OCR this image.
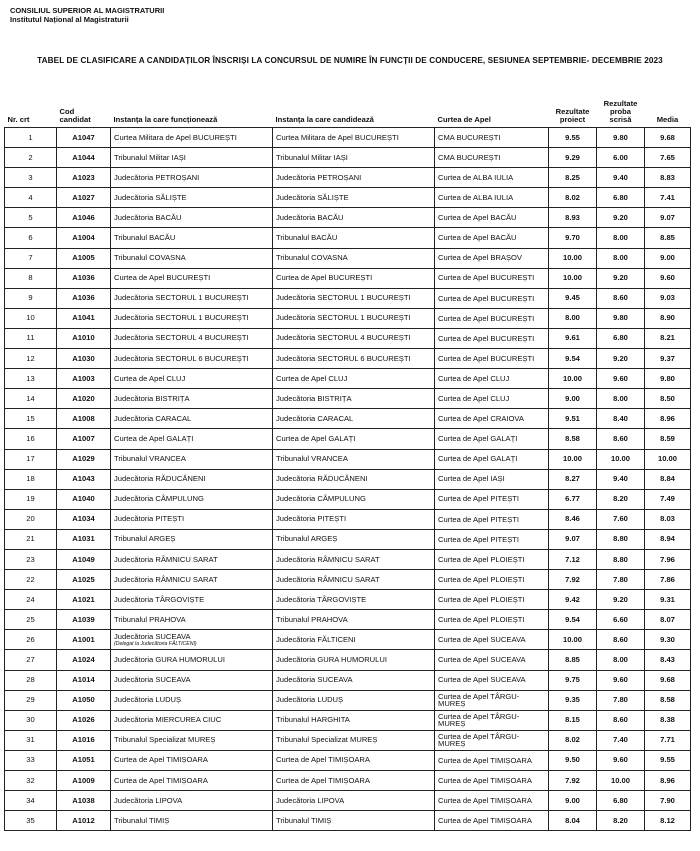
CONSILIUL SUPERIOR AL MAGISTRATURII
Institutul Național al Magistraturii
TABEL DE CLASIFICARE A CANDIDAȚILOR ÎNSCRIȘI LA CONCURSUL DE NUMIRE ÎN FUNCȚII DE CONDUCERE, SESIUNEA SEPTEMBRIE- DECEMBRIE 2023
Nr. crt	Cod candidat	Instanța la care funcționează	Instanța la care candidează	Curtea de Apel	Rezultate proiect	Rezultate proba scrisă	Media
1	A1047	Curtea Militara de Apel BUCUREȘTI	Curtea Militara de Apel BUCUREȘTI	CMA BUCUREȘTI	9.55	9.80	9.68
2	A1044	Tribunalul Militar IAȘI	Tribunalul Militar IAȘI	CMA BUCUREȘTI	9.29	6.00	7.65
3	A1023	Judecătoria PETROȘANI	Judecătoria PETROȘANI	Curtea de ALBA IULIA	8.25	9.40	8.83
4	A1027	Judecătoria SĂLIȘTE	Judecătoria SĂLIȘTE	Curtea de ALBA IULIA	8.02	6.80	7.41
5	A1046	Judecătoria BACĂU	Judecătoria BACĂU	Curtea de Apel BACĂU	8.93	9.20	9.07
6	A1004	Tribunalul BACĂU	Tribunalul BACĂU	Curtea de Apel BACĂU	9.70	8.00	8.85
7	A1005	Tribunalul COVASNA	Tribunalul COVASNA	Curtea de Apel BRAȘOV	10.00	8.00	9.00
8	A1036	Curtea de Apel BUCUREȘTI	Curtea de Apel BUCUREȘTI	Curtea de Apel BUCUREȘTI	10.00	9.20	9.60
9	A1036	Judecătoria SECTORUL 1 BUCUREȘTI	Judecătoria SECTORUL 1 BUCUREȘTI	Curtea de Apel BUCUREȘTI	9.45	8.60	9.03
10	A1041	Judecătoria SECTORUL 1 BUCUREȘTI	Judecătoria SECTORUL 1 BUCUREȘTI	Curtea de Apel BUCUREȘTI	8.00	9.80	8.90
11	A1010	Judecătoria SECTORUL 4 BUCUREȘTI	Judecătoria SECTORUL 4 BUCUREȘTI	Curtea de Apel BUCUREȘTI	9.61	6.80	8.21
12	A1030	Judecătoria SECTORUL 6 BUCUREȘTI	Judecătoria SECTORUL 6 BUCUREȘTI	Curtea de Apel BUCUREȘTI	9.54	9.20	9.37
13	A1003	Curtea de Apel CLUJ	Curtea de Apel CLUJ	Curtea de Apel CLUJ	10.00	9.60	9.80
14	A1020	Judecătoria BISTRIȚA	Judecătoria BISTRIȚA	Curtea de Apel CLUJ	9.00	8.00	8.50
15	A1008	Judecătoria CARACAL	Judecătoria CARACAL	Curtea de Apel CRAIOVA	9.51	8.40	8.96
16	A1007	Curtea de Apel GALAȚI	Curtea de Apel GALAȚI	Curtea de Apel GALAȚI	8.58	8.60	8.59
17	A1029	Tribunalul VRANCEA	Tribunalul VRANCEA	Curtea de Apel GALAȚI	10.00	10.00	10.00
18	A1043	Judecătoria RĂDUCĂNENI	Judecătoria RĂDUCĂNENI	Curtea de Apel IAȘI	8.27	9.40	8.84
19	A1040	Judecătoria CÂMPULUNG	Judecătoria CÂMPULUNG	Curtea de Apel PITEȘTI	6.77	8.20	7.49
20	A1034	Judecătoria PITEȘTI	Judecătoria PITEȘTI	Curtea de Apel PITEȘTI	8.46	7.60	8.03
21	A1031	Tribunalul ARGEȘ	Tribunalul ARGEȘ	Curtea de Apel PITEȘTI	9.07	8.80	8.94
23	A1049	Judecătoria RÂMNICU SARAT	Judecătoria RÂMNICU SARAT	Curtea de Apel PLOIEȘTI	7.12	8.80	7.96
22	A1025	Judecătoria RÂMNICU SARAT	Judecătoria RÂMNICU SARAT	Curtea de Apel PLOIEȘTI	7.92	7.80	7.86
24	A1021	Judecătoria TÂRGOVIȘTE	Judecătoria TÂRGOVIȘTE	Curtea de Apel PLOIEȘTI	9.42	9.20	9.31
25	A1039	Tribunalul PRAHOVA	Tribunalul PRAHOVA	Curtea de Apel PLOIEȘTI	9.54	6.60	8.07
26	A1001	Judecătoria SUCEAVA
(Delegat la Judecătoria FĂLTICENI)	Judecătoria FĂLTICENI	Curtea de Apel SUCEAVA	10.00	8.60	9.30
27	A1024	Judecătoria GURA HUMORULUI	Judecătoria GURA HUMORULUI	Curtea de Apel SUCEAVA	8.85	8.00	8.43
28	A1014	Judecătoria SUCEAVA	Judecătoria SUCEAVA	Curtea de Apel SUCEAVA	9.75	9.60	9.68
29	A1050	Judecătoria LUDUȘ	Judecătoria LUDUȘ	Curtea de Apel TÂRGU-MUREȘ	9.35	7.80	8.58
30	A1026	Judecătoria MIERCUREA CIUC	Tribunalul HARGHITA	Curtea de Apel TÂRGU-MUREȘ	8.15	8.60	8.38
31	A1016	Tribunalul Specializat MUREȘ	Tribunalul Specializat MUREȘ	Curtea de Apel TÂRGU-MUREȘ	8.02	7.40	7.71
33	A1051	Curtea de Apel TIMIȘOARA	Curtea de Apel TIMIȘOARA	Curtea de Apel TIMIȘOARA	9.50	9.60	9.55
32	A1009	Curtea de Apel TIMIȘOARA	Curtea de Apel TIMIȘOARA	Curtea de Apel TIMIȘOARA	7.92	10.00	8.96
34	A1038	Judecătoria LIPOVA	Judecătoria LIPOVA	Curtea de Apel TIMIȘOARA	9.00	6.80	7.90
35	A1012	Tribunalul TIMIȘ	Tribunalul TIMIȘ	Curtea de Apel TIMIȘOARA	8.04	8.20	8.12
